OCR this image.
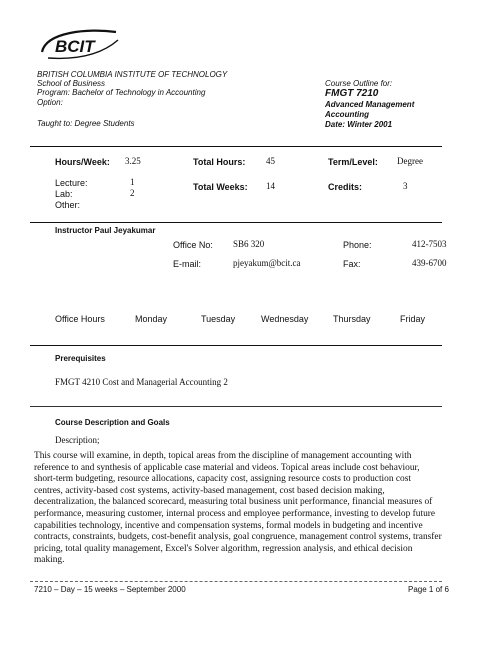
BCIT
BRITISH COLUMBIA INSTITUTE OF TECHNOLOGY
School of Business
Program: Bachelor of Technology in Accounting
Option:
Taught to: Degree Students
Course Outline for:
FMGT 7210
Advanced Management
Accounting
Date: Winter 2001
Hours/Week: 3.25	Total Hours: 45	Term/Level: Degree
Lecture:	1
Lab:	2
Other:
Total Weeks: 14	Credits:	3
Instructor Paul Jeyakumar
Office No: SB6 320	Phone:	412-7503
E-mail:	pjeyakum@bcit.ca	Fax:	439-6700
Office Hours	Monday	Tuesday	Wednesday	Thursday	Friday
Prerequisites
FMGT 4210 Cost and Managerial Accounting 2
Course Description and Goals
Description;
This course will examine, in depth, topical areas from the discipline of management accounting with reference to and synthesis of applicable case material and videos. Topical areas include cost behaviour, short-term budgeting, resource allocations, capacity cost, assigning resource costs to production cost centres, activity-based cost systems, activity-based management, cost based decision making, decentralization, the balanced scorecard, measuring total business unit performance, financial measures of performance, measuring customer, internal process and employee performance, investing to develop future capabilities technology, incentive and compensation systems, formal models in budgeting and incentive contracts, constraints, budgets, cost-benefit analysis, goal congruence, management control systems, transfer pricing, total quality management, Excel's Solver algorithm, regression analysis, and ethical decision making.
7210 – Day – 15 weeks – September 2000	Page 1 of 6
